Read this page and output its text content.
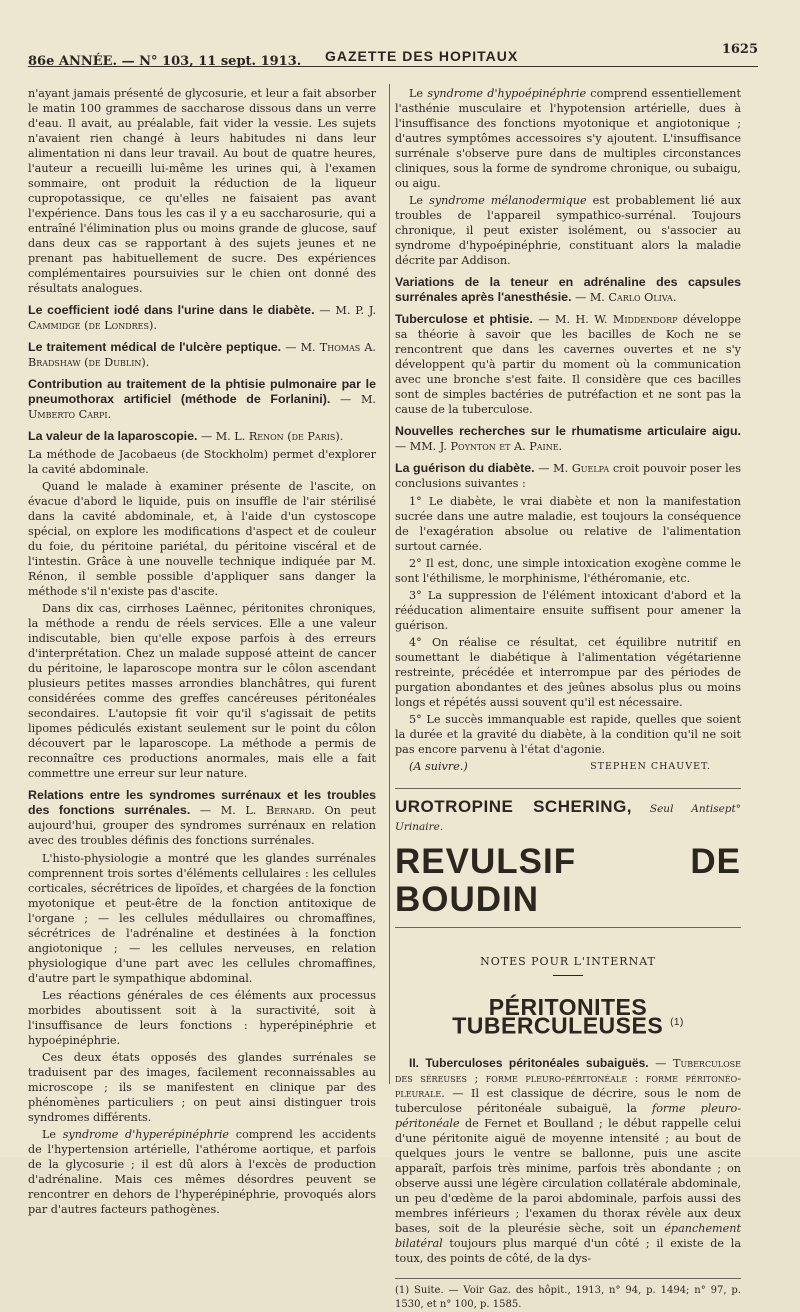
86e ANNÉE. — N° 103, 11 sept. 1913. GAZETTE DES HOPITAUX	1625

n'ayant jamais présenté de glycosurie, et leur a fait absorber le matin 100 grammes de saccharose dissous dans un verre d'eau. Il avait, au préalable, fait vider la vessie. Les sujets n'avaient rien changé à leurs habitudes ni dans leur alimentation ni dans leur travail. Au bout de quatre heures, l'auteur a recueilli lui-même les urines qui, à l'examen sommaire, ont produit la réduction de la liqueur cupropotassique, ce qu'elles ne faisaient pas avant l'expérience. Dans tous les cas il y a eu saccharosurie, qui a entraîné l'élimination plus ou moins grande de glucose, sauf dans deux cas se rapportant à des sujets jeunes et ne prenant pas habituellement de sucre. Des expériences complémentaires poursuivies sur le chien ont donné des résultats analogues.

Le coefficient iodé dans l'urine dans le diabète. — M. P. J. Cammidge (de Londres).
Le traitement médical de l'ulcère peptique. — M. Thomas A. Bradshaw (de Dublin).
Contribution au traitement de la phtisie pulmonaire par le pneumothorax artificiel (méthode de Forlanini). — M. Umberto Carpi.
La valeur de la laparoscopie. — M. L. Renon (de Paris).

La méthode de Jacobaeus (de Stockholm) permet d'explorer la cavité abdominale.

Quand le malade à examiner présente de l'ascite, on évacue d'abord le liquide, puis on insuffle de l'air stérilisé dans la cavité abdominale, et, à l'aide d'un cystoscope spécial, on explore les modifications d'aspect et de couleur du foie, du péritoine pariétal, du péritoine viscéral et de l'intestin. Grâce à une nouvelle technique indiquée par M. Rénon, il semble possible d'appliquer sans danger la méthode s'il n'existe pas d'ascite.

Dans dix cas, cirrhoses Laënnec, péritonites chroniques, la méthode a rendu de réels services. Elle a une valeur indiscutable, bien qu'elle expose parfois à des erreurs d'interprétation. Chez un malade supposé atteint de cancer du péritoine, le laparoscope montra sur le côlon ascendant plusieurs petites masses arrondies blanchâtres, qui furent considérées comme des greffes cancéreuses péritonéales secondaires. L'autopsie fit voir qu'il s'agissait de petits lipomes pédiculés existant seulement sur le point du côlon découvert par le laparoscope. La méthode a permis de reconnaître ces productions anormales, mais elle a fait commettre une erreur sur leur nature.

Relations entre les syndromes surrénaux et les troubles des fonctions surrénales. — M. L. Bernard. On peut aujourd'hui, grouper des syndromes surrénaux en relation avec des troubles définis des fonctions surrénales.

L'histo-physiologie a montré que les glandes surrénales comprennent trois sortes d'éléments cellulaires : les cellules corticales, sécrétrices de lipoïdes, et chargées de la fonction myotonique et peut-être de la fonction antitoxique de l'organe ; — les cellules médullaires ou chromaffines, sécrétrices de l'adrénaline et destinées à la fonction angiotonique ; — les cellules nerveuses, en relation physiologique d'une part avec les cellules chromaffines, d'autre part le sympathique abdominal.

Les réactions générales de ces éléments aux processus morbides aboutissent soit à la suractivité, soit à l'insuffisance de leurs fonctions : hyperépinéphrie et hypoépinéphrie.

Ces deux états opposés des glandes surrénales se traduisent par des images, facilement reconnaissables au microscope ; ils se manifestent en clinique par des phénomènes particuliers ; on peut ainsi distinguer trois syndromes différents.

Le syndrome d'hyperépinéphrie comprend les accidents de l'hypertension artérielle, l'athérome aortique, et parfois de la glycosurie ; il est dû alors à l'excès de production d'adrénaline. Mais ces mêmes désordres peuvent se rencontrer en dehors de l'hyperépinéphrie, provoqués alors par d'autres facteurs pathogènes.

Le syndrome d'hypoépinéphrie comprend essentiellement l'asthénie musculaire et l'hypotension artérielle, dues à l'insuffisance des fonctions myotonique et angiotonique ; d'autres symptômes accessoires s'y ajoutent. L'insuffisance surrénale s'observe pure dans de multiples circonstances cliniques, sous la forme de syndrome chronique, ou subaigu, ou aigu.

Le syndrome mélanodermique est probablement lié aux troubles de l'appareil sympathico-surrénal. Toujours chronique, il peut exister isolément, ou s'associer au syndrome d'hypoépinéphrie, constituant alors la maladie décrite par Addison.

Variations de la teneur en adrénaline des capsules surrénales après l'anesthésie. — M. Carlo Oliva.
Tuberculose et phtisie. — M. H. W. Middendorp développe sa théorie à savoir que les bacilles de Koch ne se rencontrent que dans les cavernes ouvertes et ne s'y développent qu'à partir du moment où la communication avec une bronche s'est faite. Il considère que ces bacilles sont de simples bactéries de putréfaction et ne sont pas la cause de la tuberculose.
Nouvelles recherches sur le rhumatisme articulaire aigu. — MM. J. Poynton et A. Paine.
La guérison du diabète. — M. Guelpa croit pouvoir poser les conclusions suivantes :

1° Le diabète, le vrai diabète et non la manifestation sucrée dans une autre maladie, est toujours la conséquence de l'exagération absolue ou relative de l'alimentation surtout carnée.

2° Il est, donc, une simple intoxication exogène comme le sont l'éthilisme, le morphinisme, l'éthéromanie, etc.

3° La suppression de l'élément intoxicant d'abord et la rééducation alimentaire ensuite suffisent pour amener la guérison.

4° On réalise ce résultat, cet équilibre nutritif en soumettant le diabétique à l'alimentation végétarienne restreinte, précédée et interrompue par des périodes de purgation abondantes et des jeûnes absolus plus ou moins longs et répétés aussi souvent qu'il est nécessaire.

5° Le succès immanquable est rapide, quelles que soient la durée et la gravité du diabète, à la condition qu'il ne soit pas encore parvenu à l'état d'agonie.

(A suivre.)	STEPHEN CHAUVET.

UROTROPINE SCHERING, Seul Antisept° Urinaire.
REVULSIF DE BOUDIN
NOTES POUR L'INTERNAT
PÉRITONITES TUBERCULEUSES $^{(1)}$

II. Tuberculoses péritonéales subaiguës. — Tuberculose des séreuses ; forme pleuro-péritonéale : forme péritonéo-pleurale. — Il est classique de décrire, sous le nom de tuberculose péritonéale subaiguë, la forme pleuro-péritonéale de Fernet et Boulland ; le début rappelle celui d'une péritonite aiguë de moyenne intensité ; au bout de quelques jours le ventre se ballonne, puis une ascite apparaît, parfois très minime, parfois très abondante ; on observe aussi une légère circulation collatérale abdominale, un peu d'œdème de la paroi abdominale, parfois aussi des membres inférieurs ; l'examen du thorax révèle aux deux bases, soit de la pleurésie sèche, soit un épanchement bilatéral toujours plus marqué d'un côté ; il existe de la toux, des points de côté, de la dys-

(1) Suite. — Voir Gaz. des hôpit., 1913, n° 94, p. 1494; n° 97, p. 1530, et n° 100, p. 1585.
